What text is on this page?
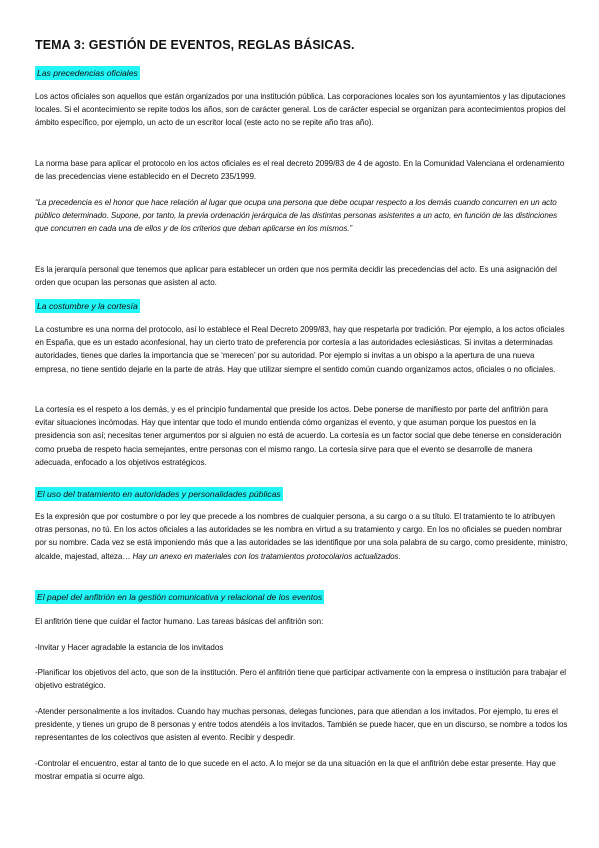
TEMA 3: GESTIÓN DE EVENTOS, REGLAS BÁSICAS.
Las precedencias oficiales
Los actos oficiales son aquellos que están organizados por una institución pública. Las corporaciones locales son los ayuntamientos y las diputaciones locales. Si el acontecimiento se repite todos los años, son de carácter general. Los de carácter especial se organizan para acontecimientos propios del ámbito específico, por ejemplo, un acto de un escritor local (este acto no se repite año tras año).
La norma base para aplicar el protocolo en los actos oficiales es el real decreto 2099/83 de 4 de agosto. En la Comunidad Valenciana el ordenamiento de las precedencias viene establecido en el Decreto 235/1999.
“La precedencia es el honor que hace relación al lugar que ocupa una persona que debe ocupar respecto a los demás cuando concurren en un acto público determinado. Supone, por tanto, la previa ordenación jerárquica de las distintas personas asistentes a un acto, en función de las distinciones que concurren en cada una de ellos y de los criterios que deban aplicarse en los mismos.”
Es la jerarquía personal que tenemos que aplicar para establecer un orden que nos permita decidir las precedencias del acto. Es una asignación del orden que ocupan las personas que asisten al acto.
La costumbre y la cortesía
La costumbre es una norma del protocolo, así lo establece el Real Decreto 2099/83, hay que respetarla por tradición. Por ejemplo, a los actos oficiales en España, que es un estado aconfesional, hay un cierto trato de preferencia por cortesía a las autoridades eclesiásticas. Si invitas a determinadas autoridades, tienes que darles la importancia que se ‘merecen’ por su autoridad. Por ejemplo si invitas a un obispo a la apertura de una nueva empresa, no tiene sentido dejarle en la parte de atrás. Hay que utilizar siempre el sentido común cuando organizamos actos, oficiales o no oficiales.
La cortesía es el respeto a los demás, y es el principio fundamental que preside los actos. Debe ponerse de manifiesto por parte del anfitrión para evitar situaciones incómodas. Hay que intentar que todo el mundo entienda cómo organizas el evento, y que asuman porque los puestos en la presidencia son así; necesitas tener argumentos por si alguien no está de acuerdo. La cortesía es un factor social que debe tenerse en consideración como prueba de respeto hacia semejantes, entre personas con el mismo rango. La cortesía sirve para que el evento se desarrolle de manera adecuada, enfocado a los objetivos estratégicos.
El uso del tratamiento en autoridades y personalidades públicas
Es la expresión que por costumbre o por ley que precede a los nombres de cualquier persona, a su cargo o a su título. El tratamiento te lo atribuyen otras personas, no tú. En los actos oficiales a las autoridades se les nombra en virtud a su tratamiento y cargo. En los no oficiales se pueden nombrar por su nombre. Cada vez se está imponiendo más que a las autoridades se las identifique por una sola palabra de su cargo, como presidente, ministro, alcalde, majestad, alteza… Hay un anexo en materiales con los tratamientos protocolarios actualizados.
El papel del anfitrión en la gestión comunicativa y relacional de los eventos
El anfitrión tiene que cuidar el factor humano. Las tareas básicas del anfitrión son:
-Invitar y Hacer agradable la estancia de los invitados
-Planificar los objetivos del acto, que son de la institución. Pero el anfitrión tiene que participar activamente con la empresa o institución para trabajar el objetivo estratégico.
-Atender personalmente a los invitados. Cuando hay muchas personas, delegas funciones, para que atiendan a los invitados. Por ejemplo, tu eres el presidente, y tienes un grupo de 8 personas y entre todos atendéis a los invitados. También se puede hacer, que en un discurso, se nombre a todos los representantes de los colectivos que asisten al evento. Recibir y despedir.
-Controlar el encuentro, estar al tanto de lo que sucede en el acto. A lo mejor se da una situación en la que el anfitrión debe estar presente. Hay que mostrar empatía si ocurre algo.
